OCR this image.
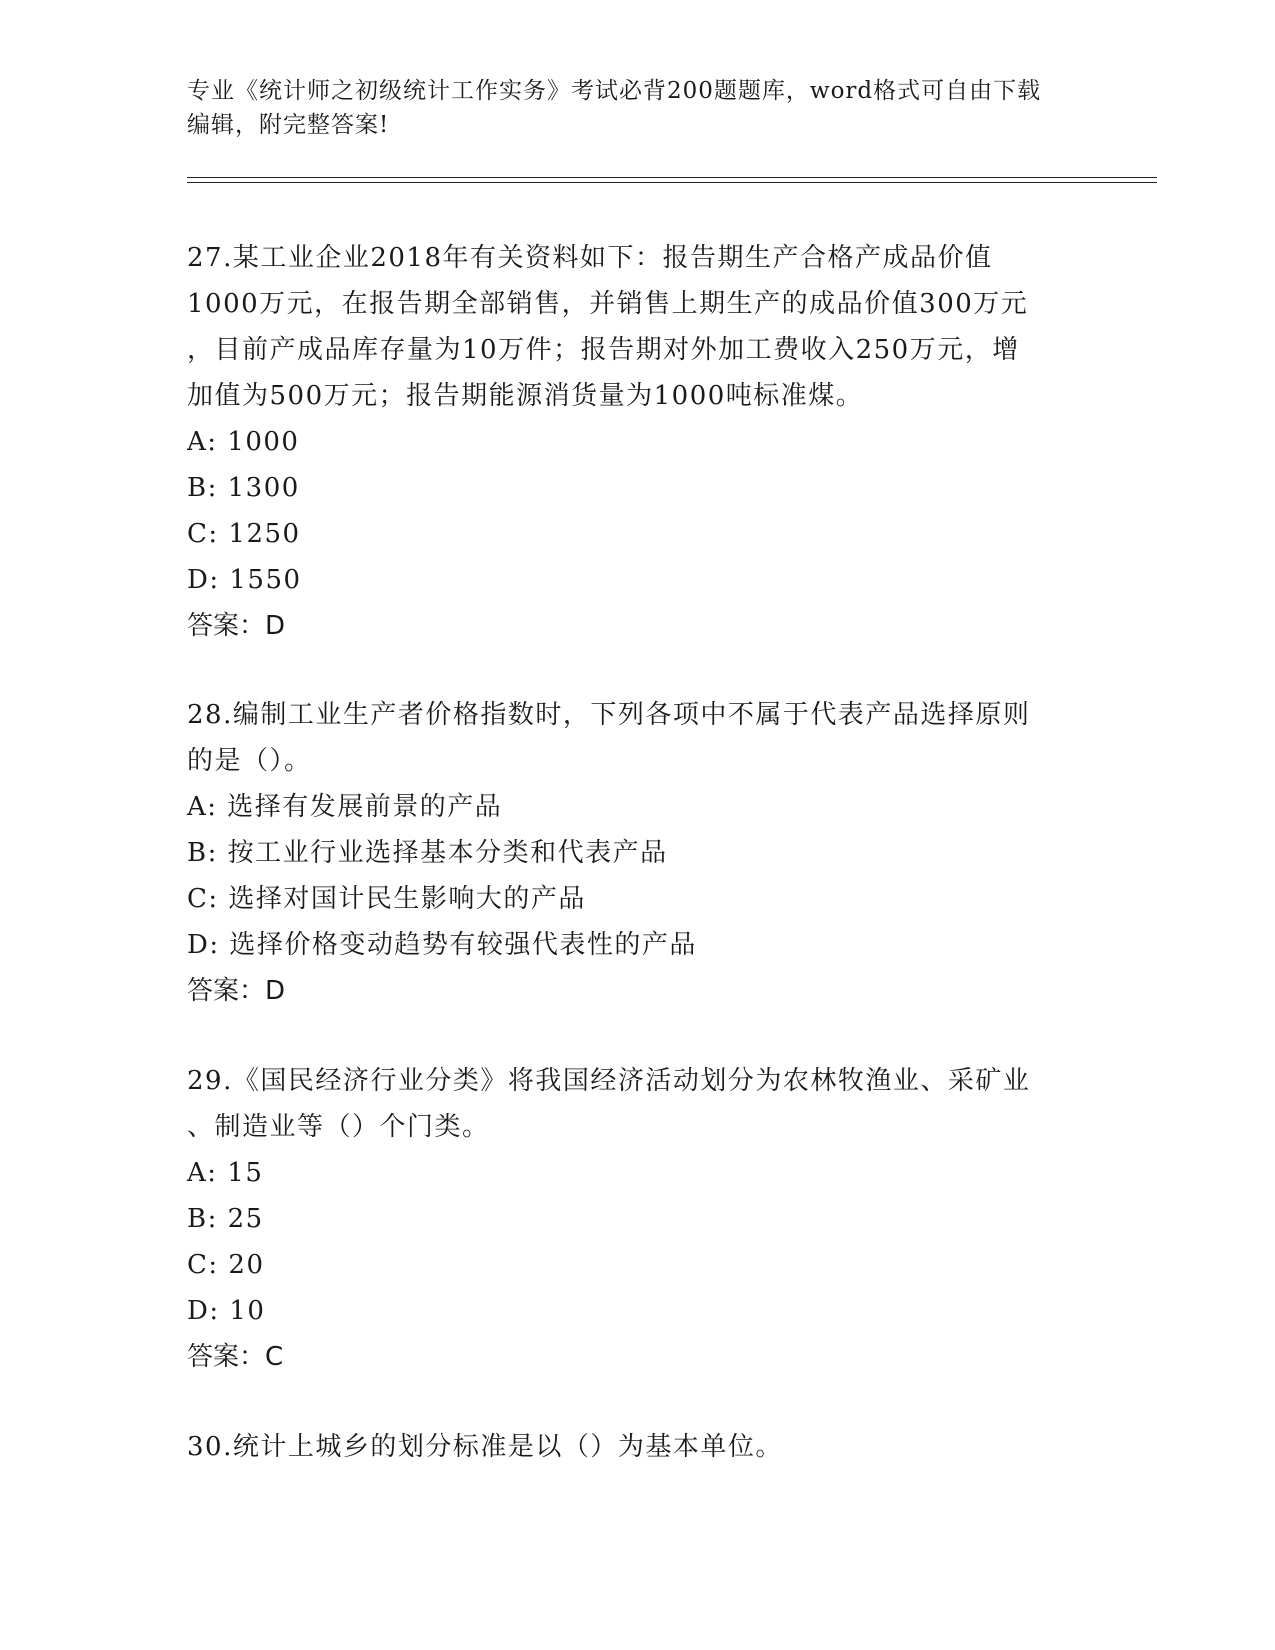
专业《统计师之初级统计工作实务》考试必背200题题库，word格式可自由下载
编辑，附完整答案!
27.某工业企业2018年有关资料如下：报告期生产合格产成品价值
1000万元，在报告期全部销售，并销售上期生产的成品价值300万元
，目前产成品库存量为10万件；报告期对外加工费收入250万元，增
加值为500万元；报告期能源消货量为1000吨标准煤。
A: 1000
B: 1300
C: 1250
D: 1550
答案：D
28.编制工业生产者价格指数时，下列各项中不属于代表产品选择原则
的是（）。
A: 选择有发展前景的产品
B: 按工业行业选择基本分类和代表产品
C: 选择对国计民生影响大的产品
D: 选择价格变动趋势有较强代表性的产品
答案：D
29.《国民经济行业分类》将我国经济活动划分为农林牧渔业、采矿业
、制造业等（）个门类。
A: 15
B: 25
C: 20
D: 10
答案：C
30.统计上城乡的划分标准是以（）为基本单位。
